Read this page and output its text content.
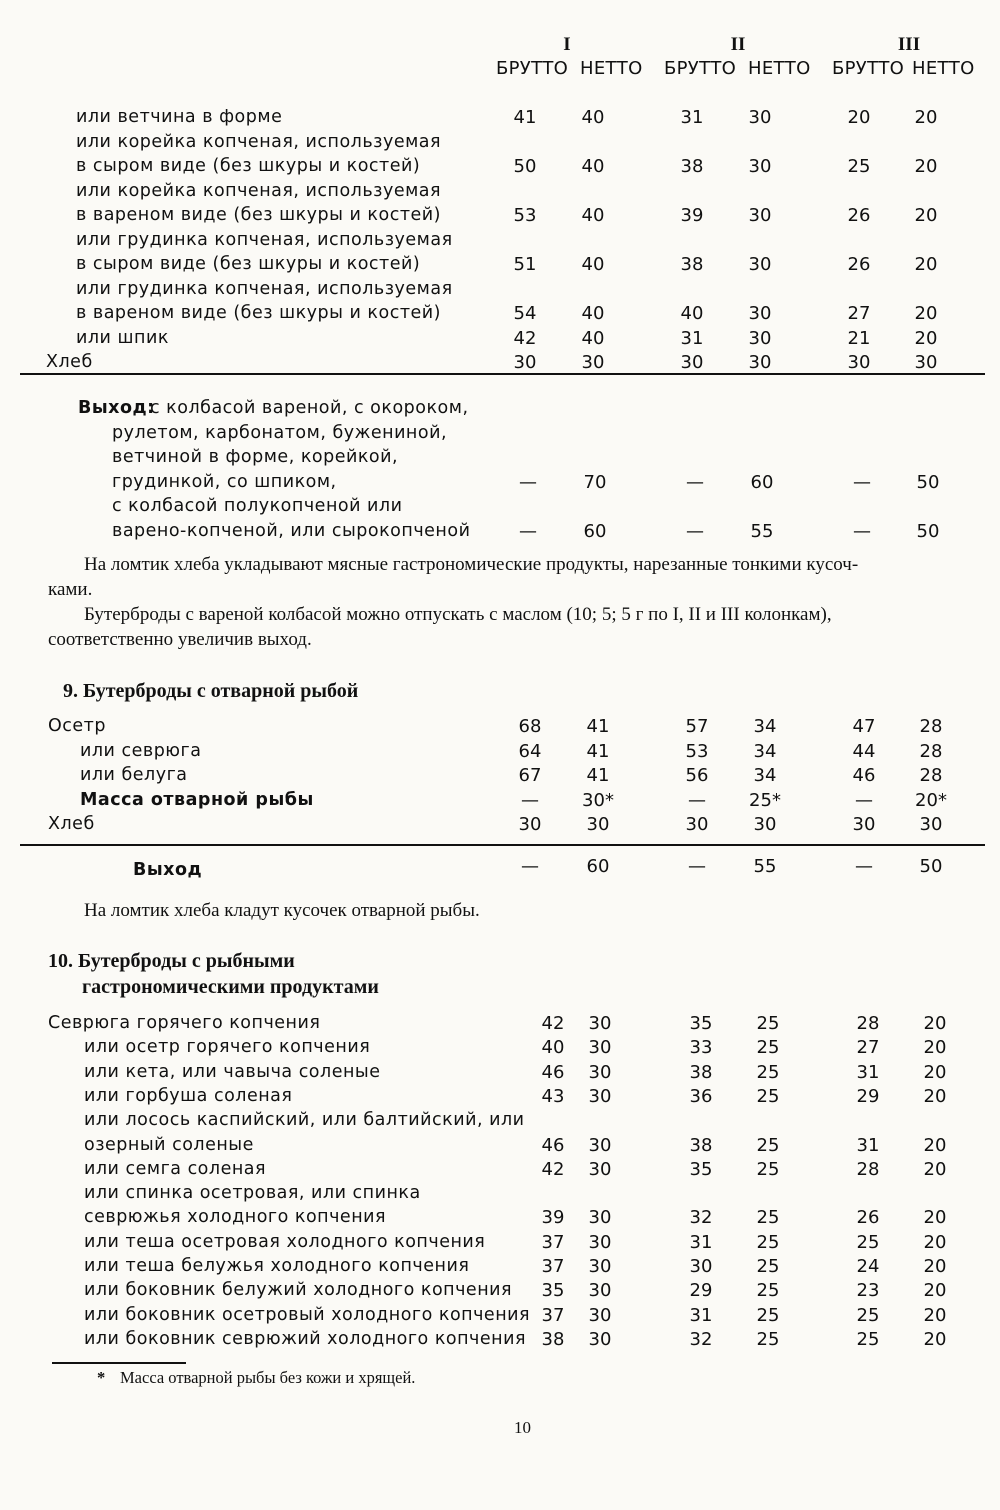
I	II	III
БРУТТО НЕТТО БРУТТО НЕТТО БРУТТО НЕТТО
или ветчина в форме	41	40	31	30	20	20
или корейка копченая, используемая
в сыром виде (без шкуры и костей)	50	40	38	30	25	20
или корейка копченая, используемая
в вареном виде (без шкуры и костей)	53	40	39	30	26	20
или грудинка копченая, используемая
в сыром виде (без шкуры и костей)	51	40	38	30	26	20
или грудинка копченая, используемая
в вареном виде (без шкуры и костей)	54	40	40	30	27	20
или шпик	42	40	31	30	21	20
Хлеб	30	30	30	30	30	30
Выход:
с колбасой вареной, с окороком,
рулетом, карбонатом, бужениной,
ветчиной в форме, корейкой,
грудинкой, со шпиком,	—	70	—	60	—	50
с колбасой полукопченой или
варено-копченой, или сырокопченой	—	60	—	55	—	50
На ломтик хлеба укладывают мясные гастрономические продукты, нарезанные тонкими кусоч-
ками.
Бутерброды с вареной колбасой можно отпускать с маслом (10; 5; 5 г по I, II и III колонкам),
соответственно увеличив выход.
9. Бутерброды с отварной рыбой
Осетр	68	41	57	34	47	28
или севрюга	64	41	53	34	44	28
или белуга	67	41	56	34	46	28
Масса отварной рыбы	—	30*	—	25*	—	20*
Хлеб	30	30	30	30	30	30
Выход	—	60	—	55	—	50
На ломтик хлеба кладут кусочек отварной рыбы.
10. Бутерброды с рыбными
гастрономическими продуктами
Севрюга горячего копчения	42	30	35	25	28	20
или осетр горячего копчения	40	30	33	25	27	20
или кета, или чавыча соленые	46	30	38	25	31	20
или горбуша соленая	43	30	36	25	29	20
или лосось каспийский, или балтийский, или
озерный соленые	46	30	38	25	31	20
или семга соленая	42	30	35	25	28	20
или спинка осетровая, или спинка
севрюжья холодного копчения	39	30	32	25	26	20
или теша осетровая холодного копчения	37	30	31	25	25	20
или теша белужья холодного копчения	37	30	30	25	24	20
или боковник белужий холодного копчения	35	30	29	25	23	20
или боковник осетровый холодного копчения 37	30	31	25	25	20
или боковник севрюжий холодного копчения 38	30	32	25	25	20
* Масса отварной рыбы без кожи и хрящей.
10
